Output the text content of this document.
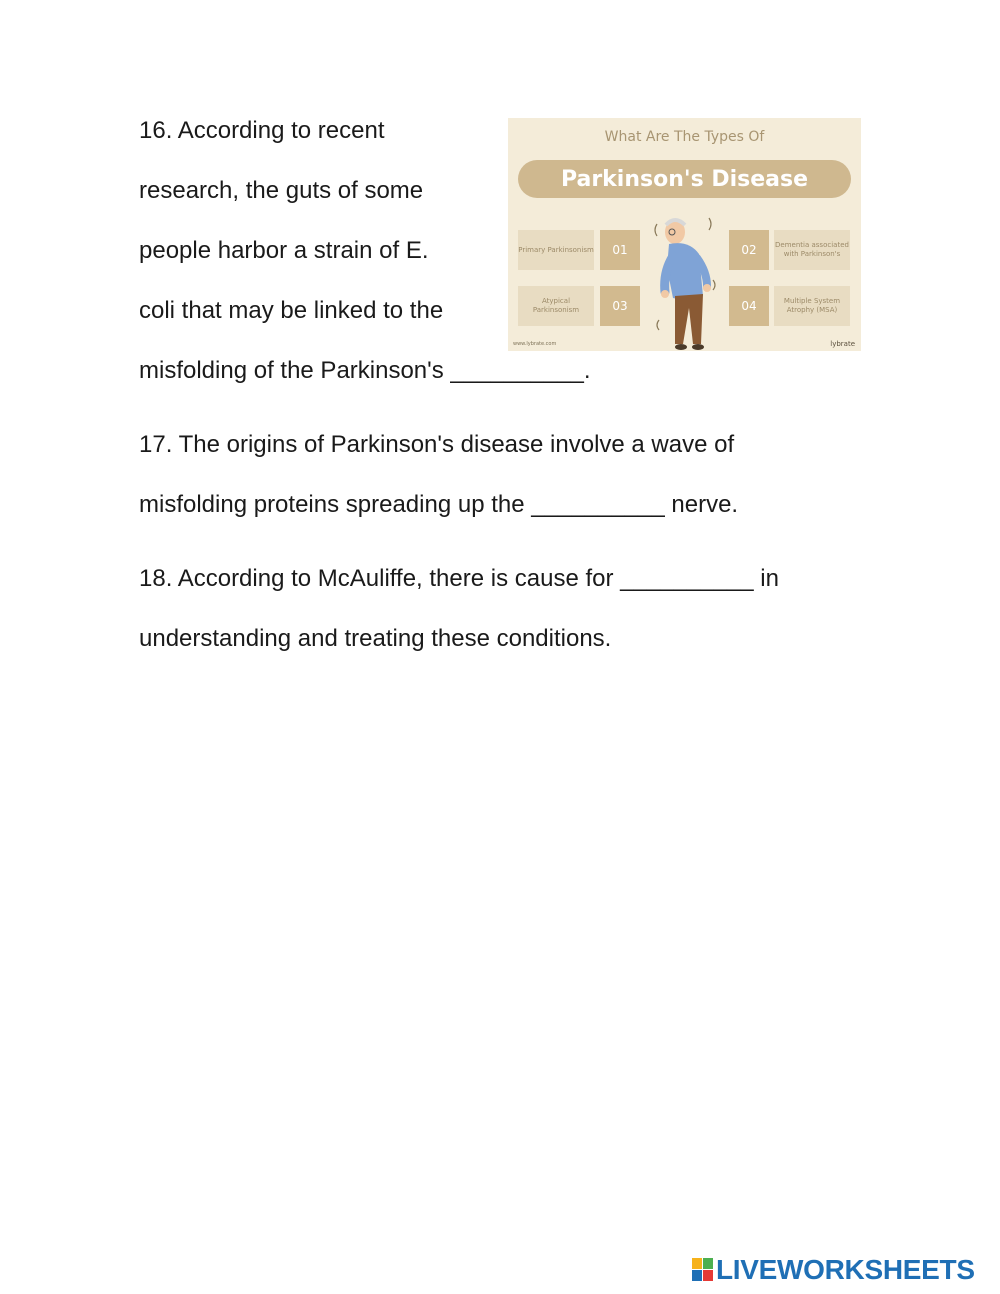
16. According to recent
research, the guts of some
people harbor a strain of E.
coli that may be linked to the
misfolding of the Parkinson's __________.
What Are The Types Of
Parkinson's Disease
Primary Parkinsonism	01	02	Dementia associated with Parkinson's
Atypical Parkinsonism	03	04	Multiple System Atrophy (MSA)
www.lybrate.com	lybrate
17. The origins of Parkinson's disease involve a wave of
misfolding proteins spreading up the __________ nerve.
18. According to McAuliffe, there is cause for __________ in
understanding and treating these conditions.
LIVEWORKSHEETS
